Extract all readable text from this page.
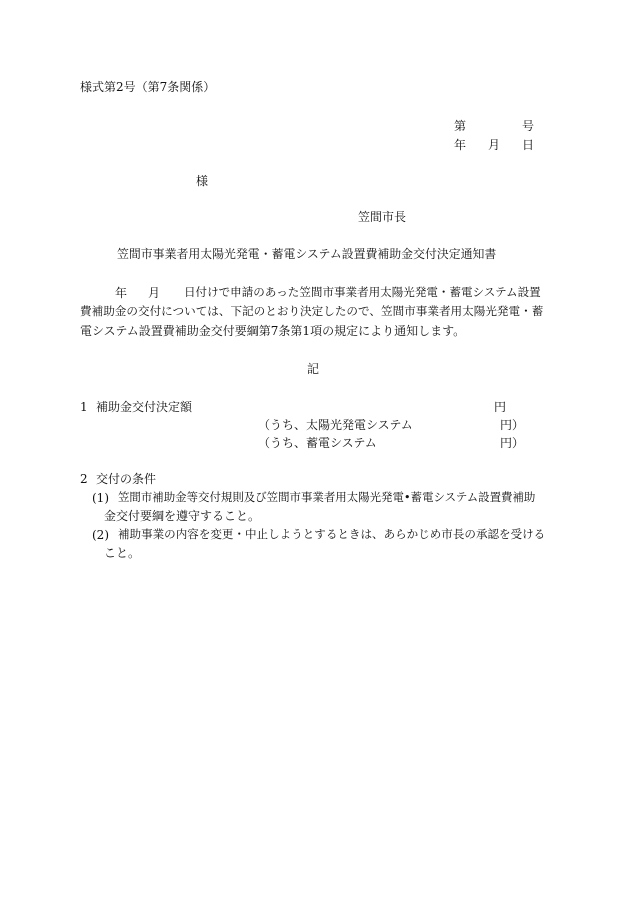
様式第2号（第7条関係）
第	号
年 月 日
様
笠間市長
笠間市事業者用太陽光発電・蓄電システム設置費補助金交付決定通知書
年 月 日付けで申請のあった笠間市事業者用太陽光発電・蓄電システム設置
費補助金の交付については、下記のとおり決定したので、笠間市事業者用太陽光発電・蓄
電システム設置費補助金交付要綱第7条第1項の規定により通知します。
記
1 補助金交付決定額	円
（うち、太陽光発電システム	円）
（うち、蓄電システム	円）
2 交付の条件
(1) 笠間市補助金等交付規則及び笠間市事業者用太陽光発電•蓄電システム設置費補助
金交付要綱を遵守すること。
(2) 補助事業の内容を変更・中止しようとするときは、あらかじめ市長の承認を受ける
こと。
